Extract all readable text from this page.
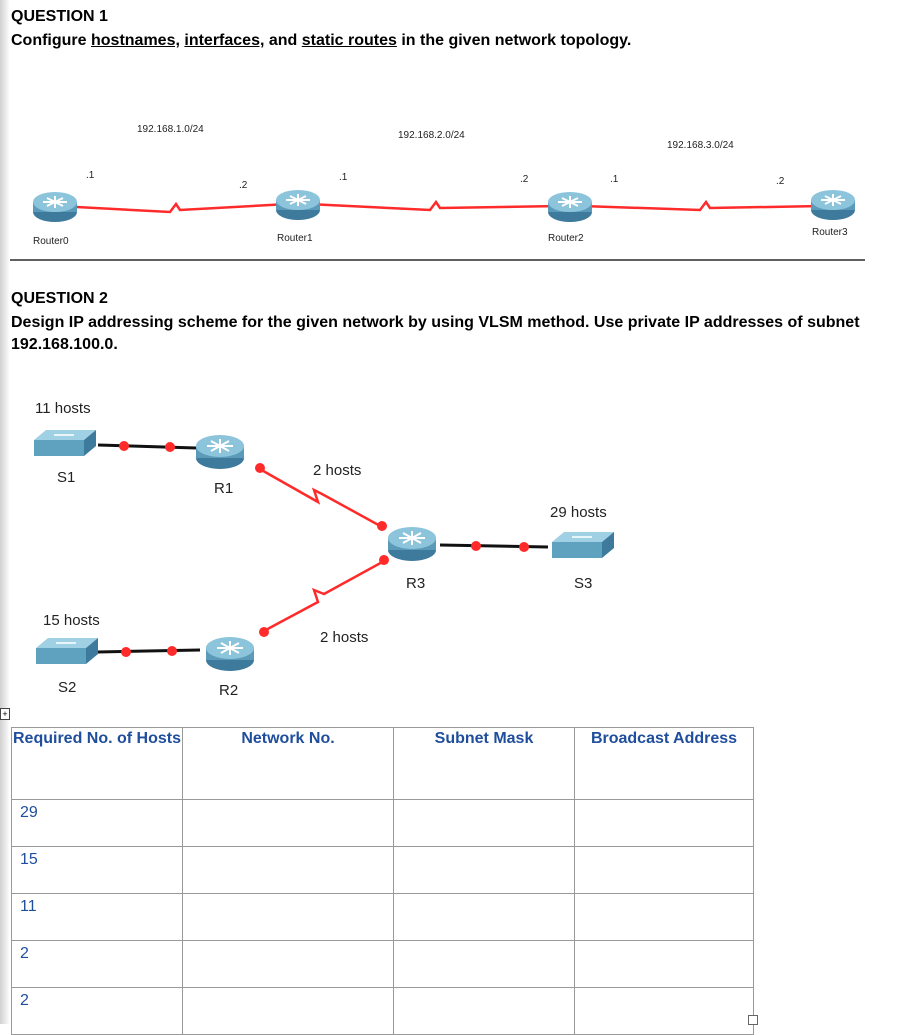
QUESTION 1
Configure hostnames, interfaces, and static routes in the given network topology.
192.168.1.0/24
192.168.2.0/24
192.168.3.0/24
.1
.2
.1	.2	.1	.2
Router0	Router1	Router2
Router3
QUESTION 2
Design IP addressing scheme for the given network by using VLSM method. Use private IP addresses of subnet
192.168.100.0.
11 hosts
15 hosts
2 hosts
2 hosts
29 hosts
S1
S2
S3
R1
R2
R3
+
Required No. of Hosts	Network No.	Subnet Mask	Broadcast Address
29			
15			
11			
2			
2			
